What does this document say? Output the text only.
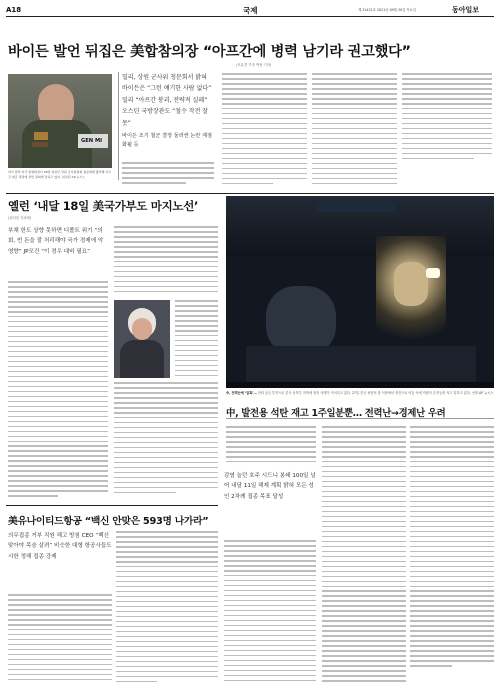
A18	국제	제 31431호 2021년 09월 30일 목요일	동아일보
바이든 발언 뒤집은 美합참의장 “아프간에 병력 남기라 권고했다”
(조유경 기자 박용 기자)
GEN MI
마크 밀리 미국 합참의장이 28일 워싱턴 상원 군사위원회 청문회에 출석해 아프간 철군 과정에 관한 질의에 답하고 있다. 워싱턴 AP 뉴시스
밀리, 상원 군사위 청문회서 밝혀 바이든은 “그런 얘기한 사람 없다” 밀리 “아프간 붕괴, 전략적 실패” 오스틴 국방장관도 “철수 작전 잘못”
바이든 조기 철군 결정 둘러싼 논란 재점화될 듯
옐런 ‘내달 18일 美국가부도 마지노선’
(워싱턴 특파원)
부채 한도 상향 못하면 디폴트 위기 “의회, 빈 돈을 잘 처리해야 국가 경제에 악영향” JP모건 “이 경우 대비 필요”
中, 전력난에 ‘암흑’… 전력 공급 부족으로 중국 동북부 지역에 정전 사태가 이어지고 있다. 27일 중국 선양의 한 식당에서 정전으로 어둠 속에 직원이 손전등을 켜고 일하고 있다. 선양 AP 뉴시스
中, 발전용 석탄 재고 1주일분뿐… 전력난→경제난 우려
감염 늘던 호주 시드니 봉쇄 100일 넘어 내달 11일 해제 계획 밝혀 모든 성인 2차례 접종 목표 달성
美유나이티드항공 “백신 안맞은 593명 나가라”
의무접종 거부 직원 해고 방침 CEO “백신 맞아야 목숨 살려” 비슷한 대형 항공사들도 시한 정해 접종 강제
